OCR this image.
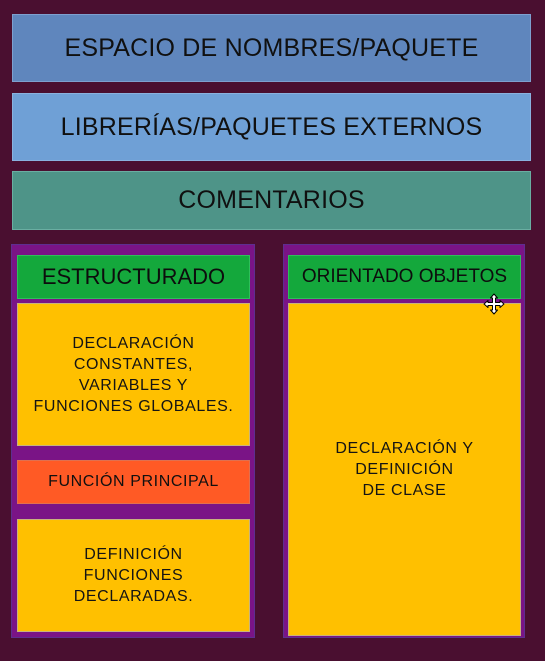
ESPACIO DE NOMBRES/PAQUETE
LIBRERÍAS/PAQUETES EXTERNOS
COMENTARIOS
ESTRUCTURADO
DECLARACIÓN
CONSTANTES,
VARIABLES Y
FUNCIONES GLOBALES.
FUNCIÓN PRINCIPAL
DEFINICIÓN
FUNCIONES
DECLARADAS.
ORIENTADO OBJETOS
DECLARACIÓN Y
DEFINICIÓN
DE CLASE
